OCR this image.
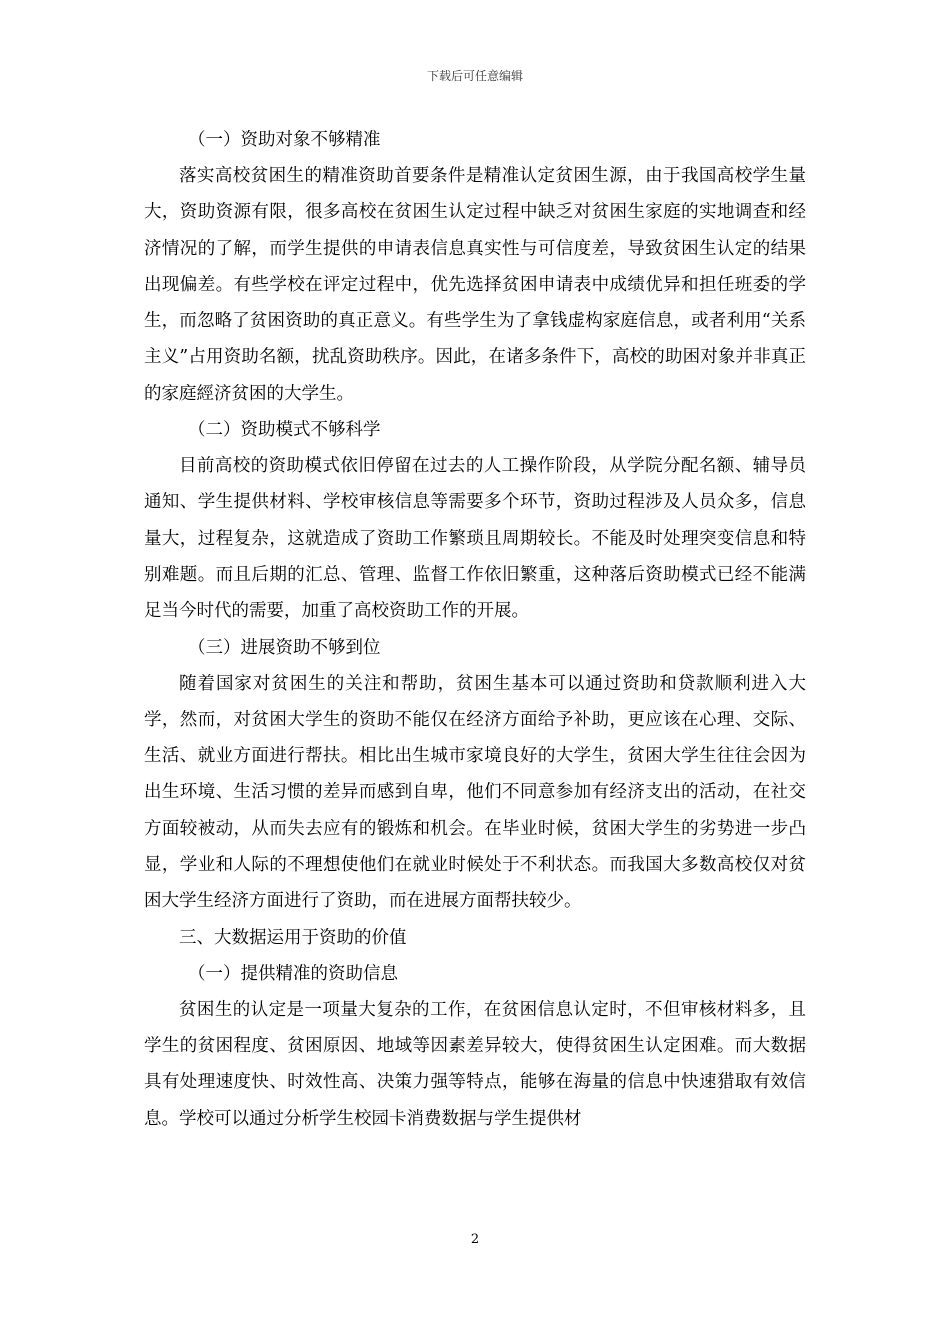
下载后可任意编辑

（一）资助对象不够精准

落实高校贫困生的精准资助首要条件是精准认定贫困生源，由于我国高校学生量大，资助资源有限，很多高校在贫困生认定过程中缺乏对贫困生家庭的实地调查和经济情况的了解，而学生提供的申请表信息真实性与可信度差，导致贫困生认定的结果出现偏差。有些学校在评定过程中，优先选择贫困申请表中成绩优异和担任班委的学生，而忽略了贫困资助的真正意义。有些学生为了拿钱虚构家庭信息，或者利用“关系主义”占用资助名额，扰乱资助秩序。因此，在诸多条件下，高校的助困对象并非真正的家庭經济贫困的大学生。

（二）资助模式不够科学

目前高校的资助模式依旧停留在过去的人工操作阶段，从学院分配名额、辅导员通知、学生提供材料、学校审核信息等需要多个环节，资助过程涉及人员众多，信息量大，过程复杂，这就造成了资助工作繁琐且周期较长。不能及时处理突变信息和特别难题。而且后期的汇总、管理、监督工作依旧繁重，这种落后资助模式已经不能满足当今时代的需要，加重了高校资助工作的开展。

（三）进展资助不够到位

随着国家对贫困生的关注和帮助，贫困生基本可以通过资助和贷款顺利进入大学，然而，对贫困大学生的资助不能仅在经济方面给予补助，更应该在心理、交际、生活、就业方面进行帮扶。相比出生城市家境良好的大学生，贫困大学生往往会因为出生环境、生活习惯的差异而感到自卑，他们不同意参加有经济支出的活动，在社交方面较被动，从而失去应有的锻炼和机会。在毕业时候，贫困大学生的劣势进一步凸显，学业和人际的不理想使他们在就业时候处于不利状态。而我国大多数高校仅对贫困大学生经济方面进行了资助，而在进展方面帮扶较少。

三、大数据运用于资助的价值

（一）提供精准的资助信息

贫困生的认定是一项量大复杂的工作，在贫困信息认定时，不但审核材料多，且学生的贫困程度、贫困原因、地域等因素差异较大，使得贫困生认定困难。而大数据具有处理速度快、时效性高、决策力强等特点，能够在海量的信息中快速猎取有效信息。学校可以通过分析学生校园卡消费数据与学生提供材

2
